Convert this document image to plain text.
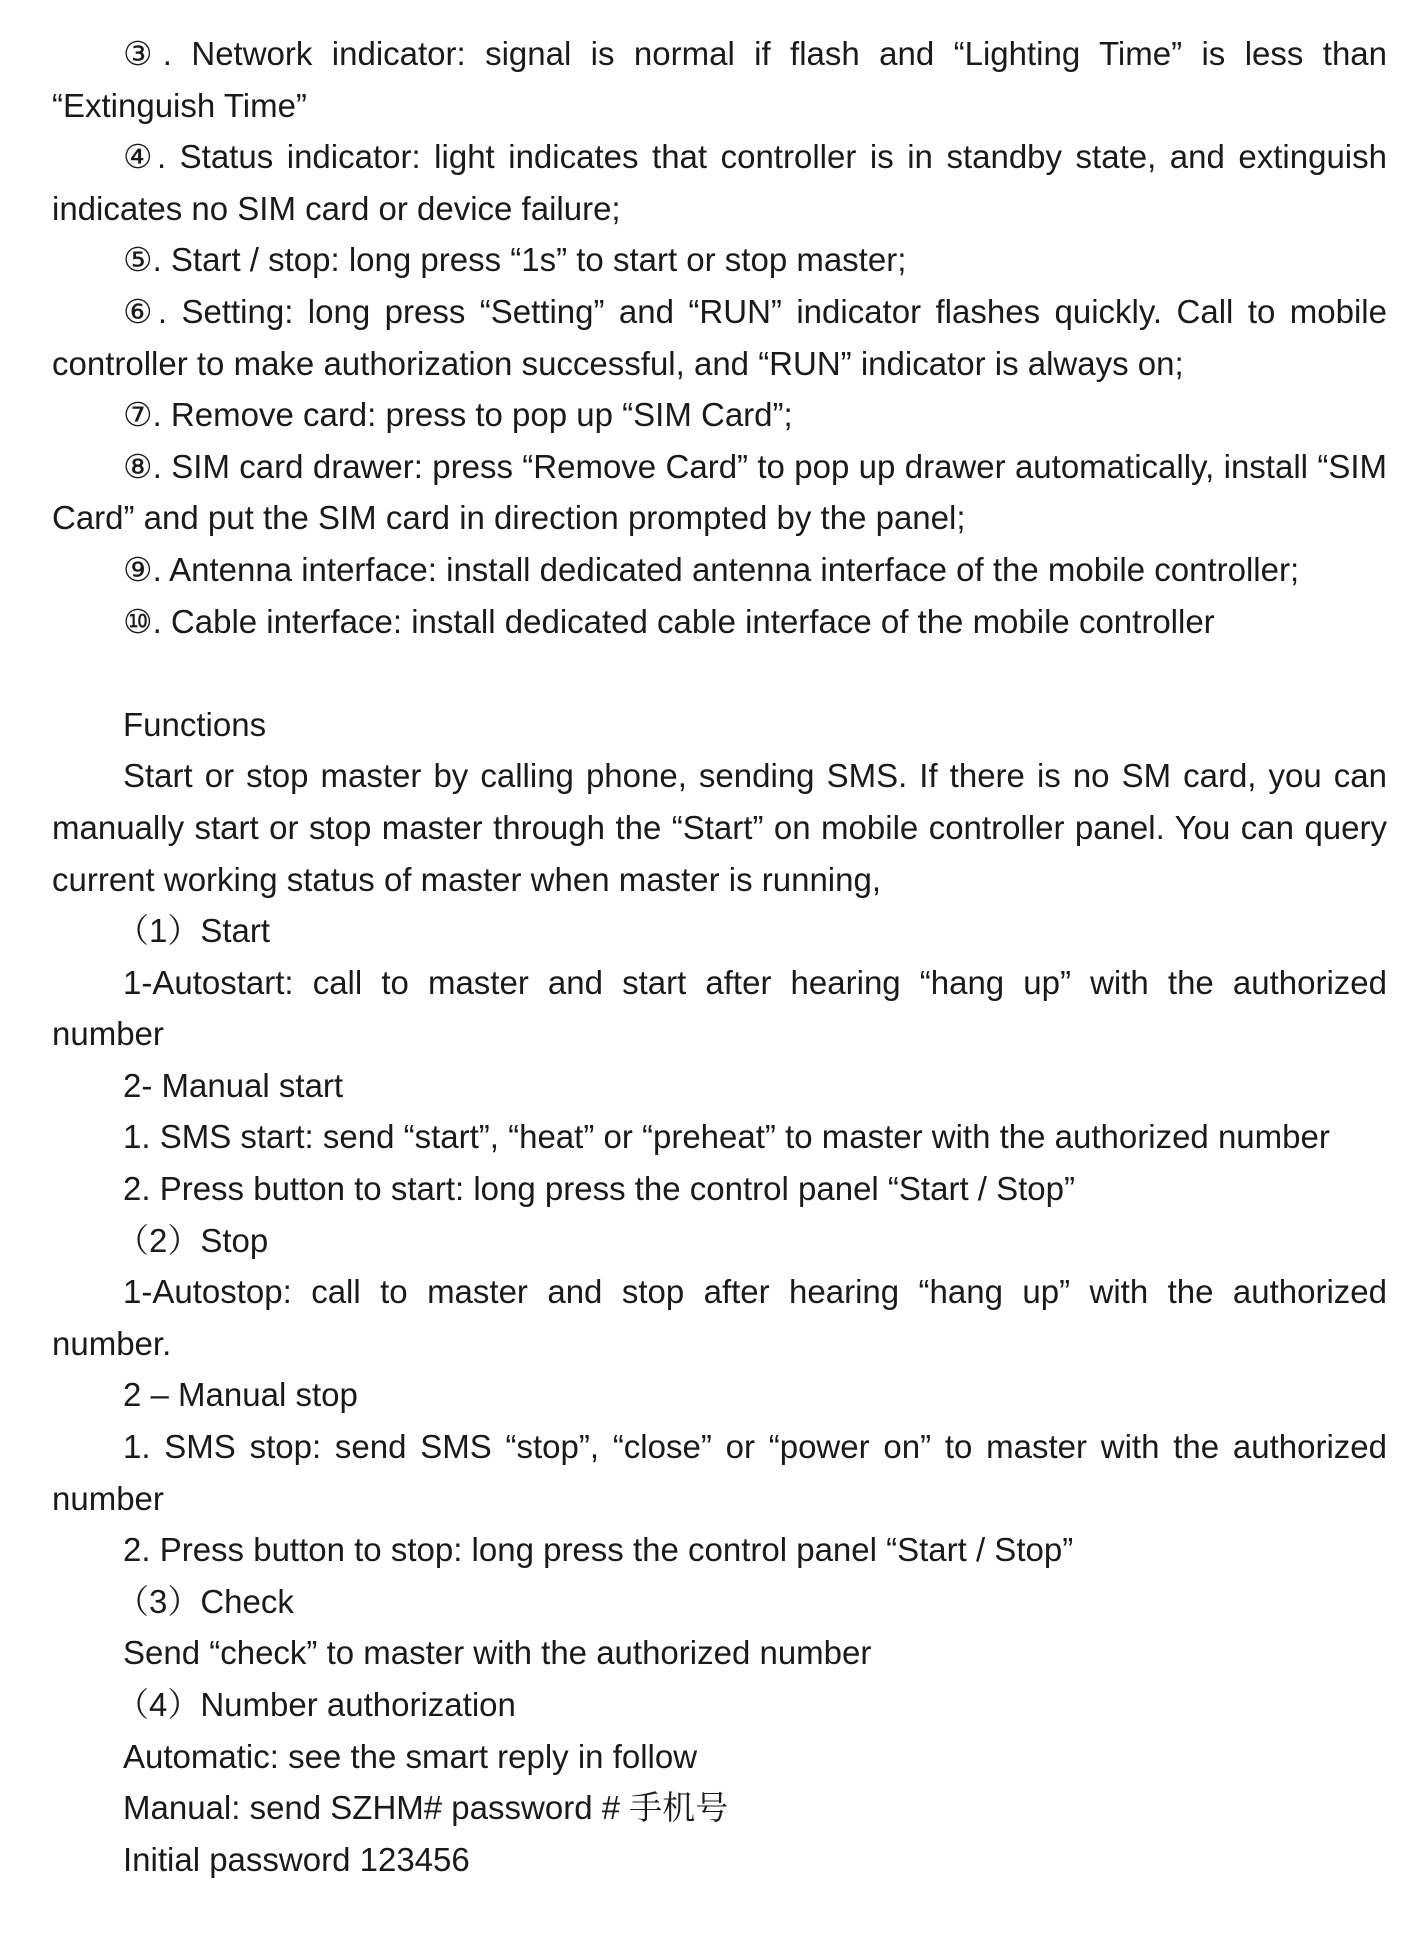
③. Network indicator: signal is normal if flash and “Lighting Time” is less than “Extinguish Time”

④. Status indicator: light indicates that controller is in standby state, and extinguish indicates no SIM card or device failure;

⑤. Start / stop: long press “1s” to start or stop master;

⑥. Setting: long press “Setting” and “RUN” indicator flashes quickly. Call to mobile controller to make authorization successful, and “RUN” indicator is always on;

⑦. Remove card: press to pop up “SIM Card”;

⑧. SIM card drawer: press “Remove Card” to pop up drawer automatically, install “SIM Card” and put the SIM card in direction prompted by the panel;

⑨. Antenna interface: install dedicated antenna interface of the mobile controller;

⑩. Cable interface: install dedicated cable interface of the mobile controller

Functions

Start or stop master by calling phone, sending SMS. If there is no SM card, you can manually start or stop master through the “Start” on mobile controller panel. You can query current working status of master when master is running,

（1）Start

1-Autostart: call to master and start after hearing “hang up” with the authorized number

2- Manual start

1. SMS start: send “start”, “heat” or “preheat” to master with the authorized number

2. Press button to start: long press the control panel “Start / Stop”

（2）Stop

1-Autostop: call to master and stop after hearing “hang up” with the authorized number.

2 – Manual stop

1. SMS stop: send SMS “stop”, “close” or “power on” to master with the authorized number

2. Press button to stop: long press the control panel “Start / Stop”

（3）Check

Send “check” to master with the authorized number

（4）Number authorization

Automatic: see the smart reply in follow

Manual: send SZHM# password # 手机号

Initial password 123456
